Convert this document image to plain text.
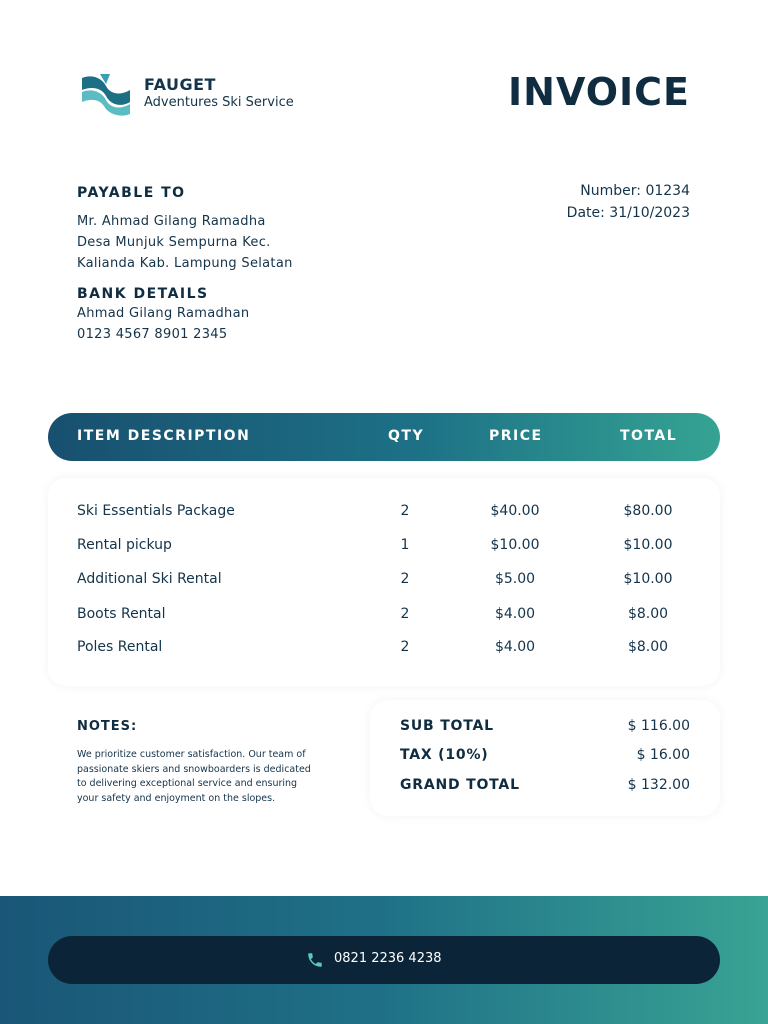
FAUGET
Adventures Ski Service	INVOICE
Number: 01234
Date: 31/10/2023
PAYABLE TO
Mr. Ahmad Gilang Ramadha
Desa Munjuk Sempurna Kec.
Kalianda Kab. Lampung Selatan
BANK DETAILS
Ahmad Gilang Ramadhan
0123 4567 8901 2345
ITEM DESCRIPTION	QTY	PRICE	TOTAL
Ski Essentials Package	2	$40.00	$80.00
Rental pickup	1	$10.00	$10.00
Additional Ski Rental	2	$5.00	$10.00
Boots Rental	2	$4.00	$8.00
Poles Rental	2	$4.00	$8.00
NOTES:
We prioritize customer satisfaction. Our team of
passionate skiers and snowboarders is dedicated
to delivering exceptional service and ensuring
your safety and enjoyment on the slopes.
SUB TOTAL	$ 116.00
TAX (10%)	$ 16.00
GRAND TOTAL	$ 132.00
0821 2236 4238
